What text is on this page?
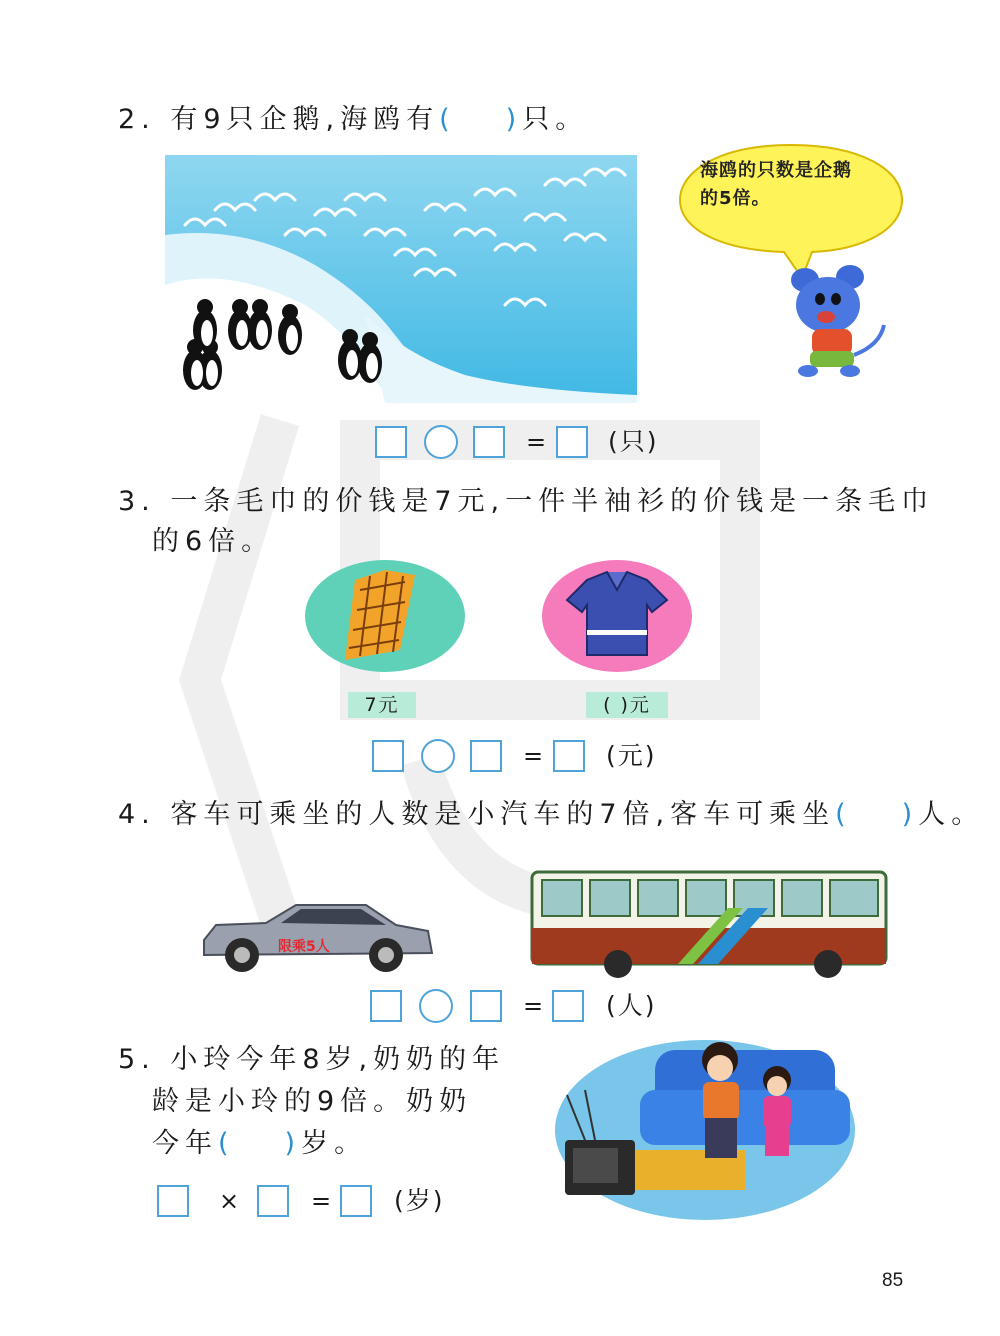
2. 有9只企鹅,海鸥有( )只。
海鸥的只数是企鹅
的5倍。
= (只)
3. 一条毛巾的价钱是7元,一件半袖衫的价钱是一条毛巾
的6倍。
7元	( )元
=	(元)
4. 客车可乘坐的人数是小汽车的7倍,客车可乘坐( )人。
限乘5人
=	(人)
5. 小玲今年8岁,奶奶的年
龄是小玲的9倍。奶奶
今年( )岁。
×	=	(岁)
85
